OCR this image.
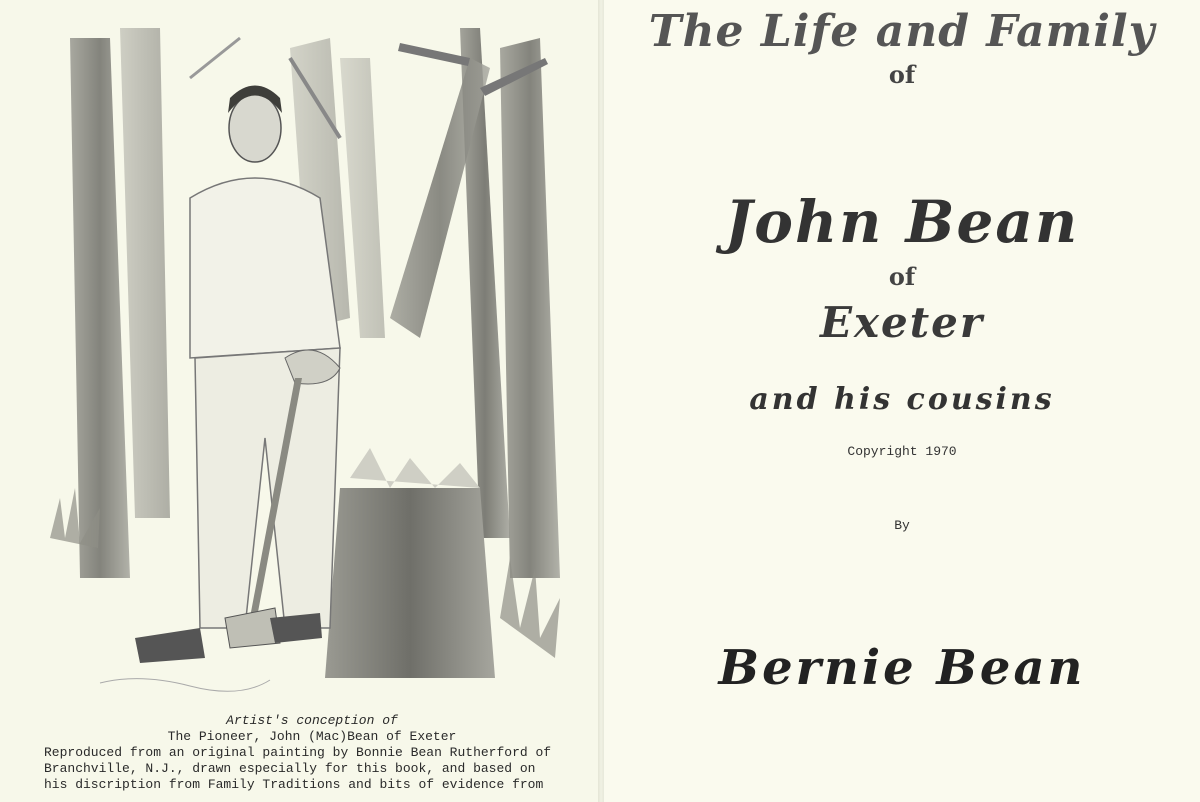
Artist's conception of
The Pioneer, John (Mac)Bean of Exeter
Reproduced from an original painting by Bonnie Bean Rutherford of
Branchville, N.J., drawn especially for this book, and based on
his discription from Family Traditions and bits of evidence from
The Life and Family
of
John Bean
of
Exeter
and his cousins
Copyright 1970
By
Bernie Bean
